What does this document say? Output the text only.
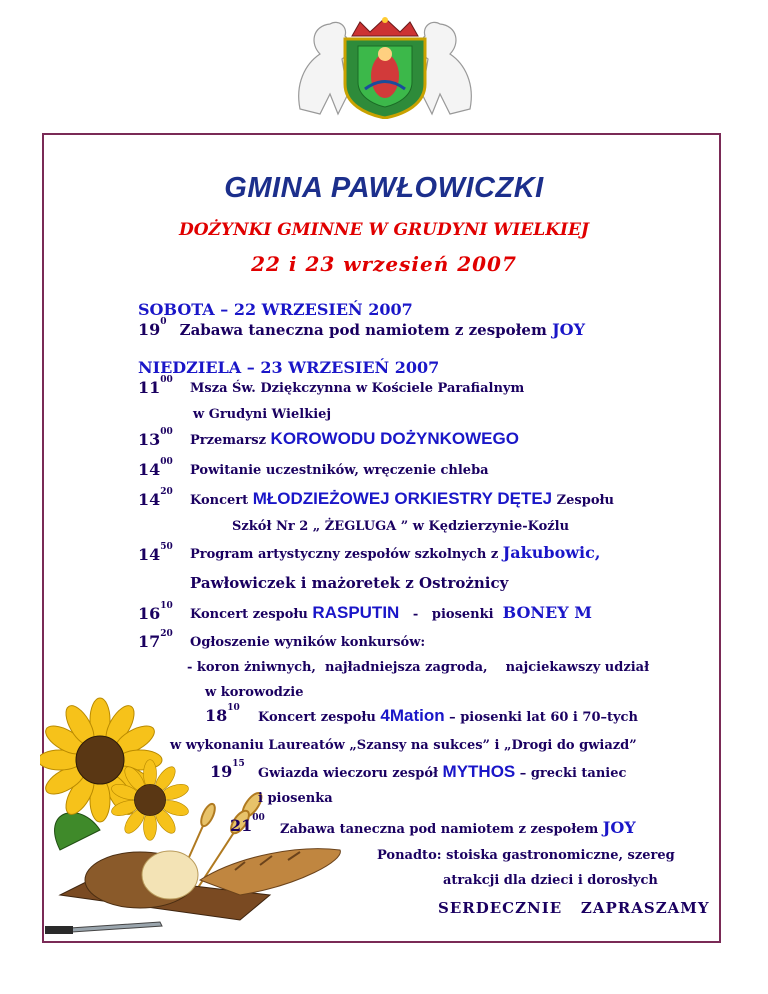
GMINA PAWŁOWICZKI
DOŻYNKI GMINNE W GRUDYNI WIELKIEJ
22 i 23 wrzesień 2007
SOBOTA – 22 WRZESIEŃ 2007
$19^0$ Zabawa taneczna pod namiotem z zespołem JOY
NIEDZIELA – 23 WRZESIEŃ 2007
$11^{00}$
Msza Św. Dziękczynna w Kościele Parafialnym
w Grudyni Wielkiej
$13^{00}$
Przemarsz KOROWODU DOŻYNKOWEGO
$14^{00}$
Powitanie uczestników, wręczenie chleba
$14^{20}$
Koncert MŁODZIEŻOWEJ ORKIESTRY DĘTEJ Zespołu
Szkół Nr 2 „ ŻEGLUGA ” w Kędzierzynie-Koźlu
$14^{50}$ Program artystyczny zespołów szkolnych z Jakubowic,
Pawłowiczek i mażoretek z Ostrożnicy
$16^{10}$
Koncert zespołu RASPUTIN   -   piosenki  BONEY M
$17^{20}$
Ogłoszenie wyników konkursów:
- koron żniwnych,  najładniejsza zagroda,    najciekawszy udział
w korowodzie
$18^{10}$
Koncert zespołu 4Mation – piosenki lat 60 i 70–tych
w wykonaniu Laureatów „Szansy na sukces” i „Drogi do gwiazd”
$19^{15}$
Gwiazda wieczoru zespół MYTHOS – grecki taniec
i piosenka
$21^{00}$
Zabawa taneczna pod namiotem z zespołem JOY
Ponadto: stoiska gastronomiczne, szereg
atrakcji dla dzieci i dorosłych
SERDECZNIE   ZAPRASZAMY
